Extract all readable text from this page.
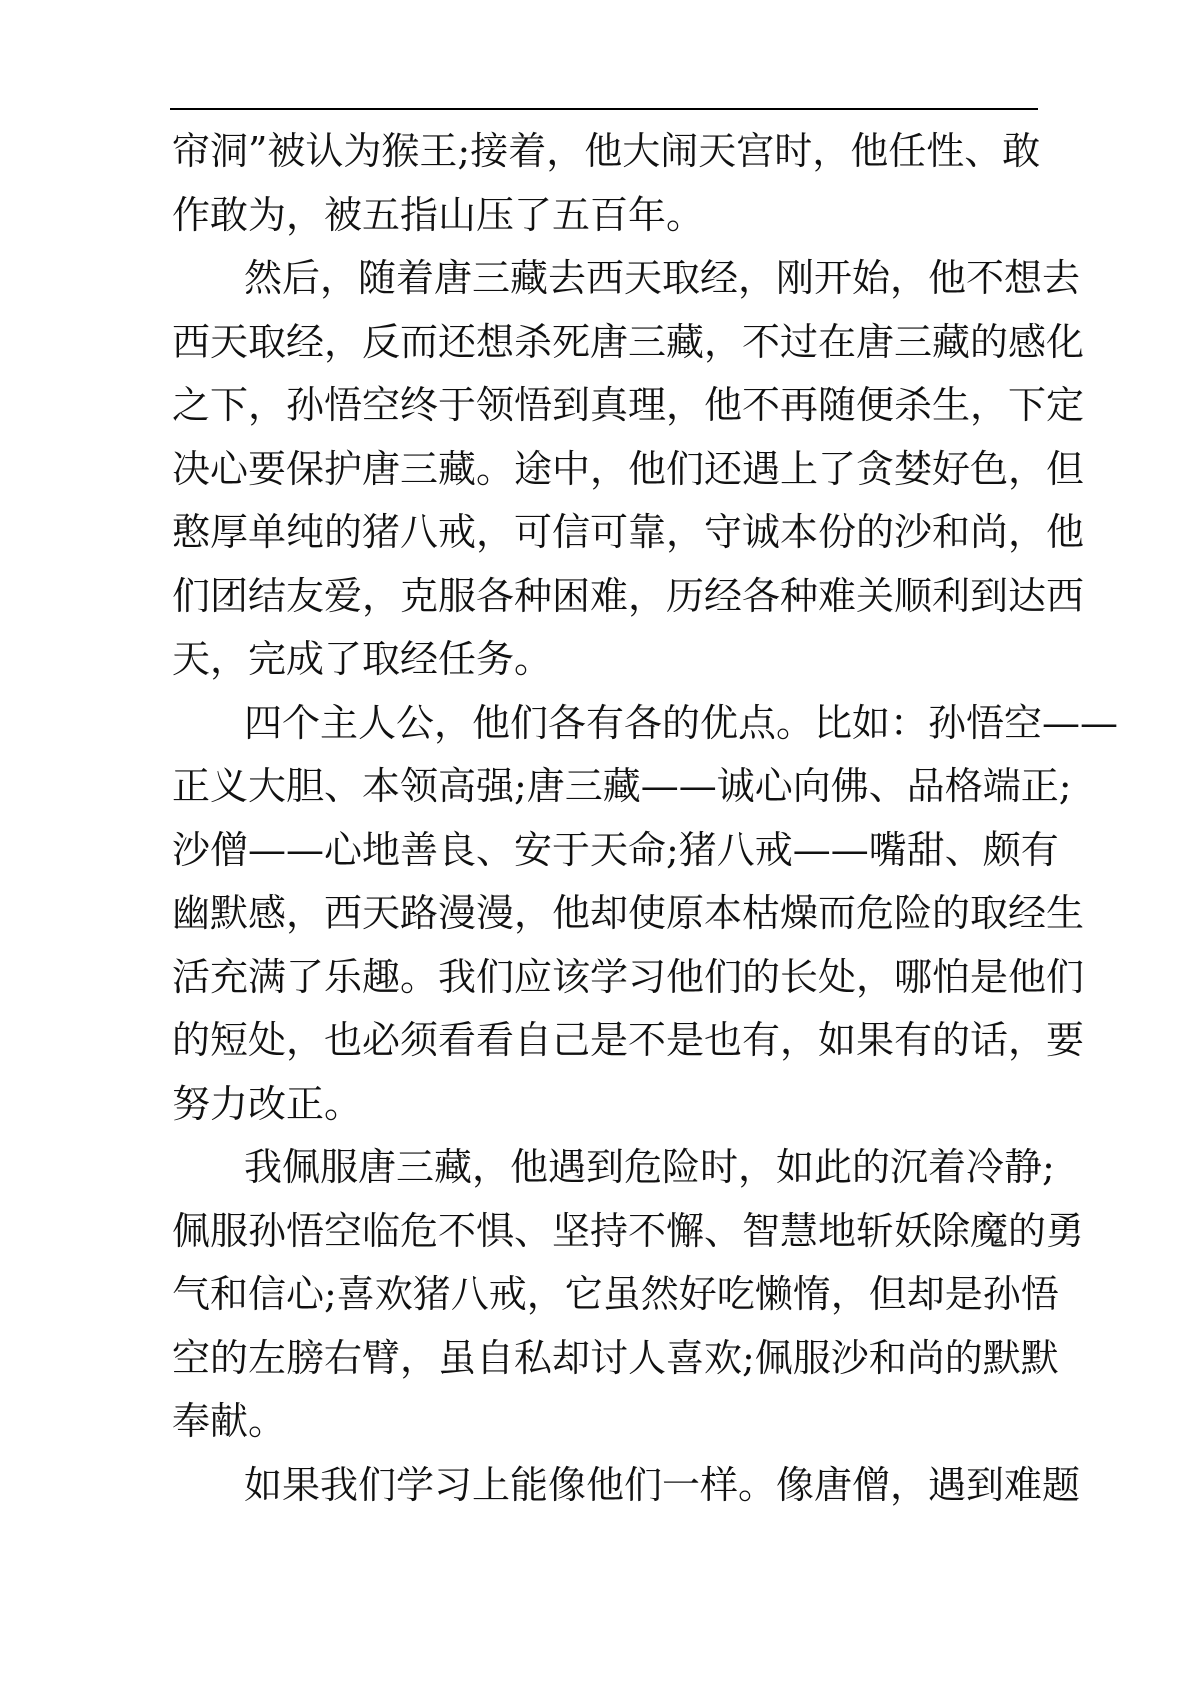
帘洞”被认为猴王;接着，他大闹天宫时，他任性、敢
作敢为，被五指山压了五百年。
然后，随着唐三藏去西天取经，刚开始，他不想去
西天取经，反而还想杀死唐三藏，不过在唐三藏的感化
之下，孙悟空终于领悟到真理，他不再随便杀生，下定
决心要保护唐三藏。途中，他们还遇上了贪婪好色，但
憨厚单纯的猪八戒，可信可靠，守诚本份的沙和尚，他
们团结友爱，克服各种困难，历经各种难关顺利到达西
天，完成了取经任务。
四个主人公，他们各有各的优点。比如：孙悟空——
正义大胆、本领高强;唐三藏——诚心向佛、品格端正;
沙僧——心地善良、安于天命;猪八戒——嘴甜、颇有
幽默感，西天路漫漫，他却使原本枯燥而危险的取经生
活充满了乐趣。我们应该学习他们的长处，哪怕是他们
的短处，也必须看看自己是不是也有，如果有的话，要
努力改正。
我佩服唐三藏，他遇到危险时，如此的沉着冷静;
佩服孙悟空临危不惧、坚持不懈、智慧地斩妖除魔的勇
气和信心;喜欢猪八戒，它虽然好吃懒惰，但却是孙悟
空的左膀右臂，虽自私却讨人喜欢;佩服沙和尚的默默
奉献。
如果我们学习上能像他们一样。像唐僧，遇到难题
